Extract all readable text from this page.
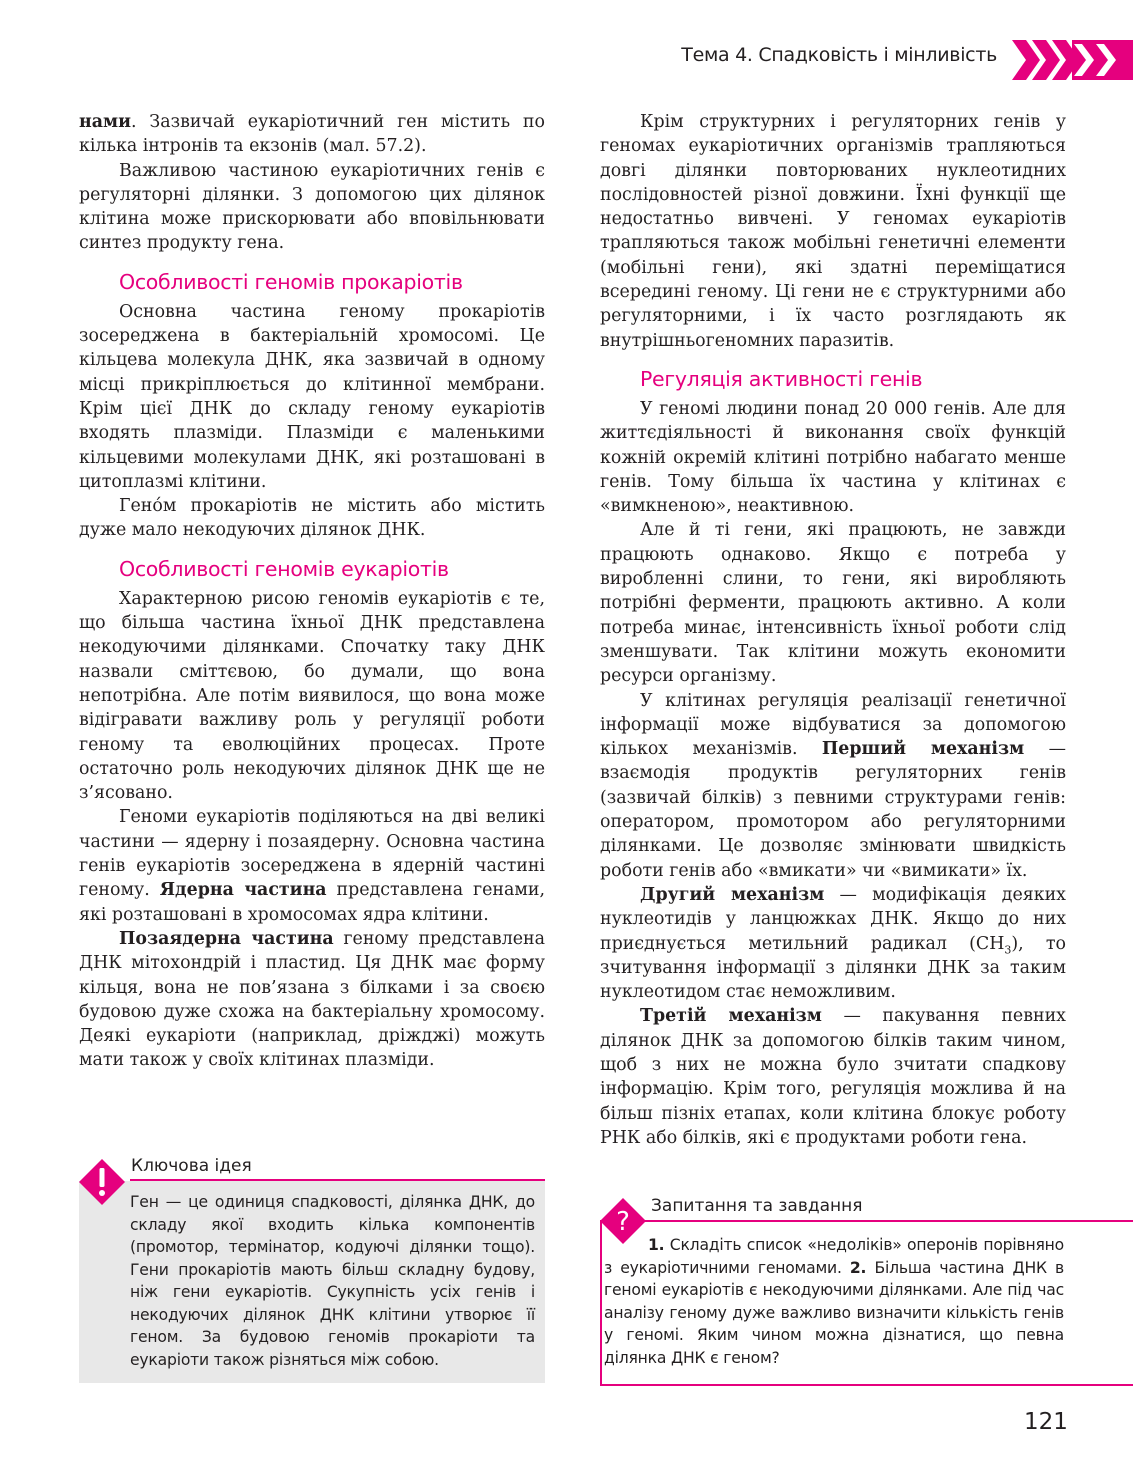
Тема 4. Спадковість і мінливість

нами. Зазвичай еукаріотичний ген містить по кілька інтронів та екзонів (мал. 57.2).

Важливою частиною еукаріотичних генів є регуляторні ділянки. З допомогою цих ділянок клітина може прискорювати або вповільнювати синтез продукту гена.

Особливості геномів прокаріотів

Основна частина геному прокаріотів зосереджена в бактеріальній хромосомі. Це кільцева молекула ДНК, яка зазвичай в одному місці прикріплюється до клітинної мембрани. Крім цієї ДНК до складу геному еукаріотів входять плазміди. Плазміди є маленькими кільцевими молекулами ДНК, які розташовані в цитоплазмі клітини.

Гено́м прокаріотів не містить або містить дуже мало некодуючих ділянок ДНК.

Особливості геномів еукаріотів

Характерною рисою геномів еукаріотів є те, що більша частина їхньої ДНК представлена некодуючими ділянками. Спочатку таку ДНК назвали сміттєвою, бо думали, що вона непотрібна. Але потім виявилося, що вона може відігравати важливу роль у регуляції роботи геному та еволюційних процесах. Проте остаточно роль некодуючих ділянок ДНК ще не з’ясовано.

Геноми еукаріотів поділяються на дві великі частини — ядерну і позаядерну. Основна частина генів еукаріотів зосереджена в ядерній частині геному. Ядерна частина представлена генами, які розташовані в хромосомах ядра клітини.

Позаядерна частина геному представлена ДНК мітохондрій і пластид. Ця ДНК має форму кільця, вона не пов’язана з білками і за своєю будовою дуже схожа на бактеріальну хромосому. Деякі еукаріоти (наприклад, дріжджі) можуть мати також у своїх клітинах плазміди.

Крім структурних і регуляторних генів у геномах еукаріотичних організмів трапляються довгі ділянки повторюваних нуклеотидних послідовностей різної довжини. Їхні функції ще недостатньо вивчені. У геномах еукаріотів трапляються також мобільні генетичні елементи (мобільні гени), які здатні переміщатися всередині геному. Ці гени не є структурними або регуляторними, і їх часто розглядають як внутрішньогеномних паразитів.

Регуляція активності генів

У геномі людини понад 20 000 генів. Але для життєдіяльності й виконання своїх функцій кожній окремій клітині потрібно набагато менше генів. Тому більша їх частина у клітинах є «вимкненою», неактивною.

Але й ті гени, які працюють, не завжди працюють однаково. Якщо є потреба у виробленні слини, то гени, які виробляють потрібні ферменти, працюють активно. А коли потреба минає, інтенсивність їхньої роботи слід зменшувати. Так клітини можуть економити ресурси організму.

У клітинах регуляція реалізації генетичної інформації може відбуватися за допомогою кількох механізмів. Перший механізм — взаємодія продуктів регуляторних генів (зазвичай білків) з певними структурами генів: оператором, промотором або регуляторними ділянками. Це дозволяє змінювати швидкість роботи генів або «вмикати» чи «вимикати» їх.

Другий механізм — модифікація деяких нуклеотидів у ланцюжках ДНК. Якщо до них приєднується метильний радикал $(CH_3)$, то зчитування інформації з ділянки ДНК за таким нуклеотидом стає неможливим.

Третій механізм — пакування певних ділянок ДНК за допомогою білків таким чином, щоб з них не можна було зчитати спадкову інформацію. Крім того, регуляція можлива й на більш пізніх етапах, коли клітина блокує роботу РНК або білків, які є продуктами роботи гена.

Ключова ідея
Ген — це одиниця спадковості, ділянка ДНК, до складу якої входить кілька компонентів (промотор, термінатор, кодуючі ділянки тощо). Гени прокаріотів мають більш складну будову, ніж гени еукаріотів. Сукупність усіх генів і некодуючих ділянок ДНК клітини утворює її геном. За будовою геномів прокаріоти та еукаріоти також різняться між собою.
Запитання та завдання
?
1. Складіть список «недоліків» оперонів порівняно з еукаріотичними геномами. 2. Більша частина ДНК в геномі еукаріотів є некодуючими ділянками. Але під час аналізу геному дуже важливо визначити кількість генів у геномі. Яким чином можна дізнатися, що певна ділянка ДНК є геном?
121
